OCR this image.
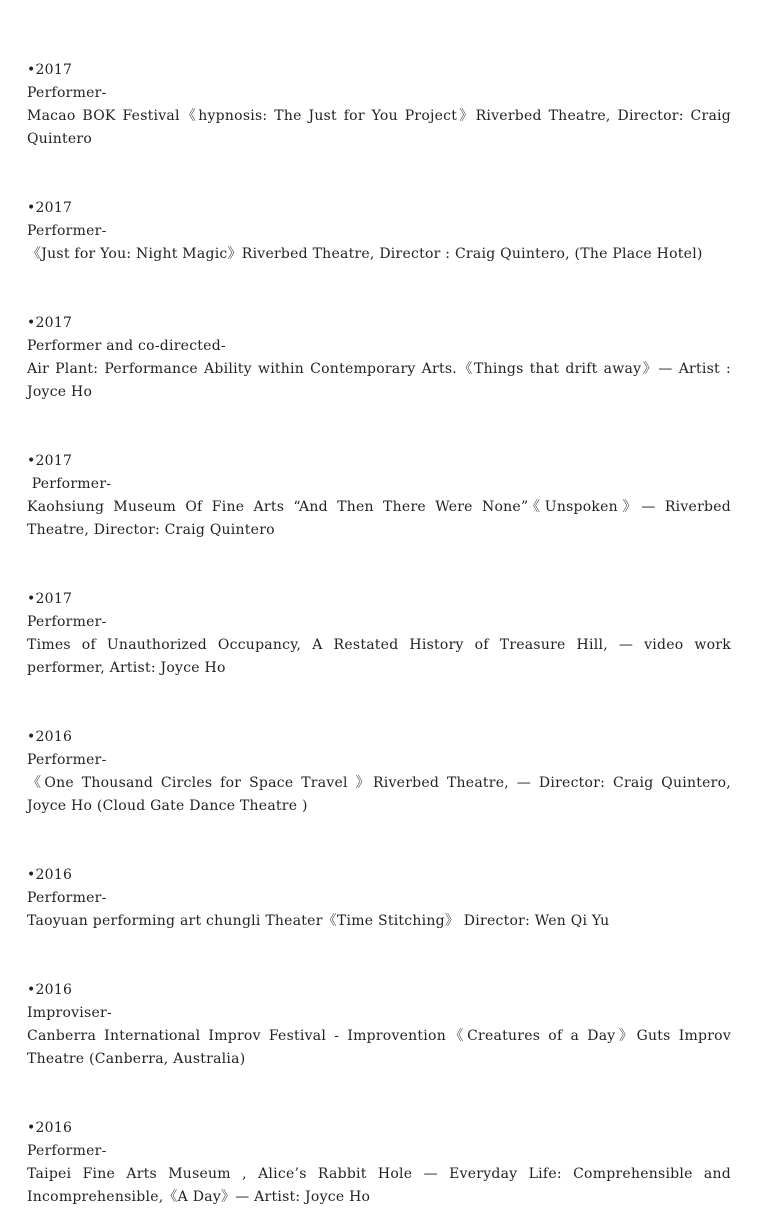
•2017

Performer-

Macao BOK Festival《hypnosis: The Just for You Project》Riverbed Theatre, Director: Craig Quintero

•2017

Performer-

《Just for You: Night Magic》Riverbed Theatre, Director : Craig Quintero, (The Place Hotel)

•2017

Performer and co-directed-

Air Plant: Performance Ability within Contemporary Arts.《Things that drift away》— Artist : Joyce Ho

•2017

Performer-

Kaohsiung Museum Of Fine Arts “And Then There Were None”《Unspoken》— Riverbed Theatre, Director: Craig Quintero

•2017

Performer-

Times of Unauthorized Occupancy, A Restated History of Treasure Hill, — video work performer, Artist: Joyce Ho

•2016

Performer-

《One Thousand Circles for Space Travel 》Riverbed Theatre, — Director: Craig Quintero, Joyce Ho (Cloud Gate Dance Theatre )

•2016

Performer-

Taoyuan performing art chungli Theater《Time Stitching》 Director: Wen Qi Yu

•2016

Improviser-

Canberra International Improv Festival - Improvention《Creatures of a Day》Guts Improv Theatre (Canberra, Australia)

•2016

Performer-

Taipei Fine Arts Museum , Alice’s Rabbit Hole — Everyday Life: Comprehensible and Incomprehensible,《A Day》— Artist: Joyce Ho
